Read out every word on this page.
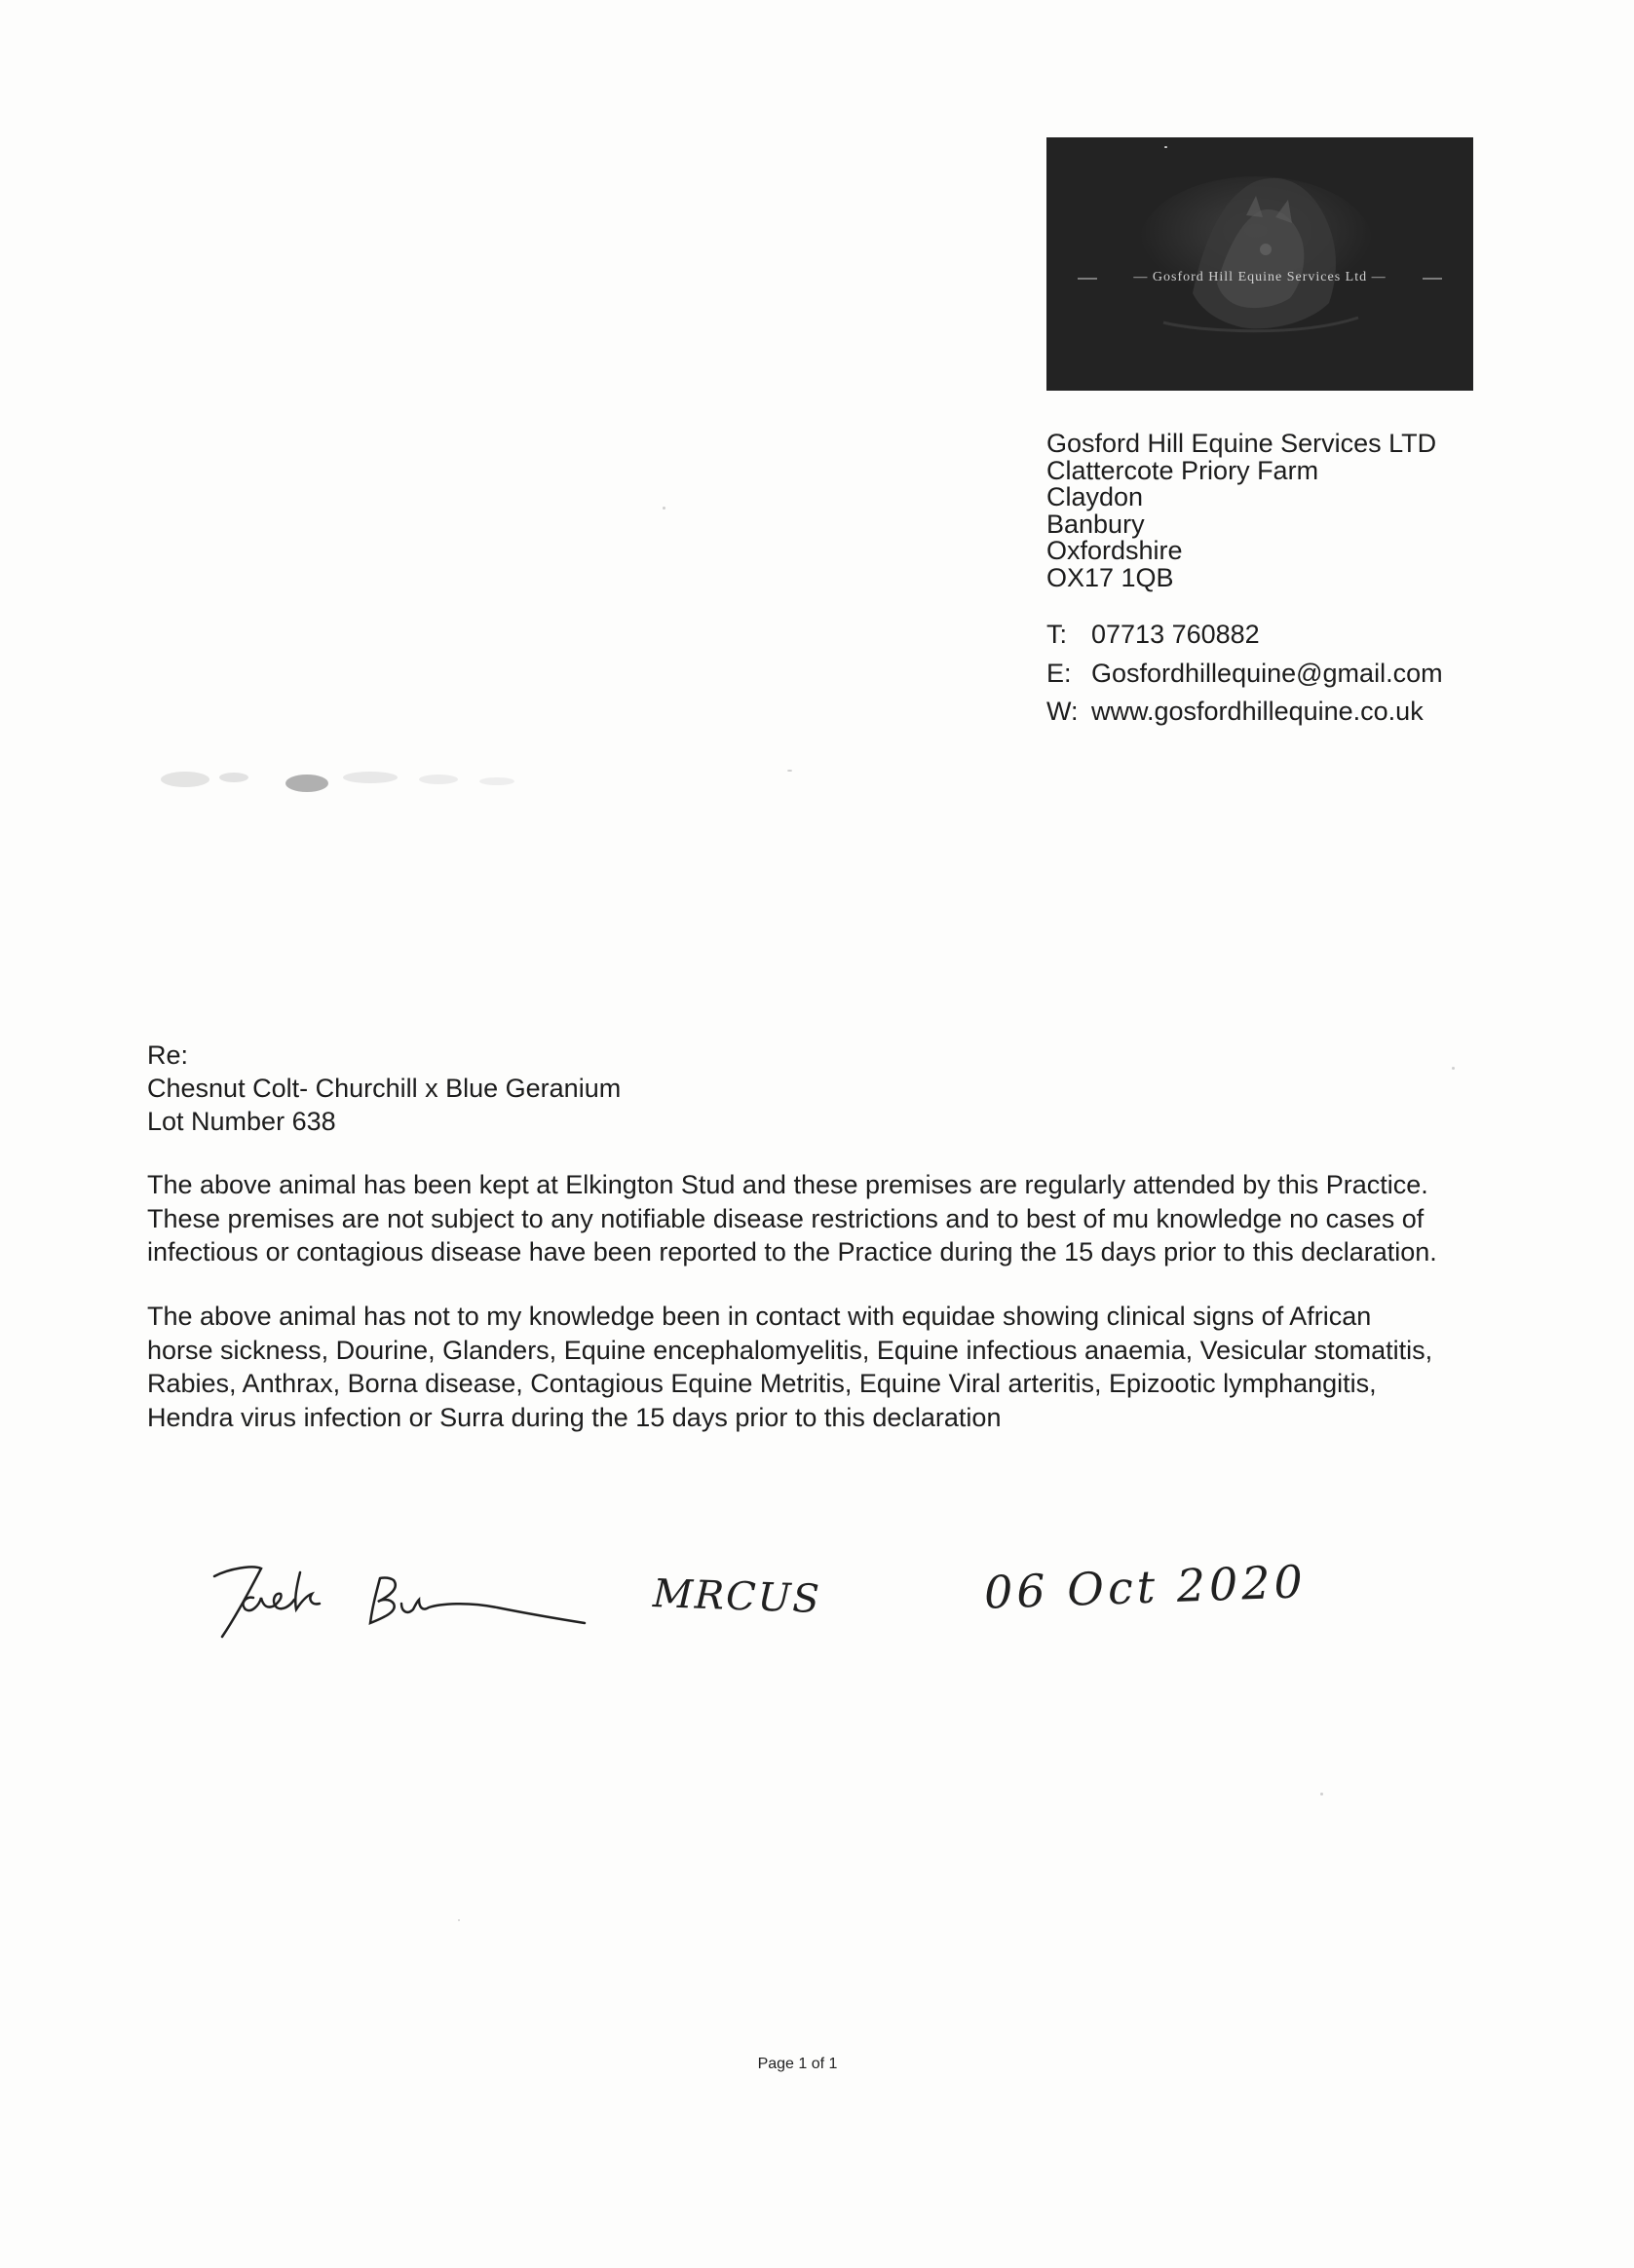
— Gosford Hill Equine Services Ltd —
Gosford Hill Equine Services LTD
Clattercote Priory Farm
Claydon
Banbury
Oxfordshire
OX17 1QB
T: 07713 760882
E: Gosfordhillequine@gmail.com
W: www.gosfordhillequine.co.uk
Re:
Chesnut Colt- Churchill x Blue Geranium
Lot Number 638
The above animal has been kept at Elkington Stud and these premises are regularly attended by this Practice.
These premises are not subject to any notifiable disease restrictions and to best of mu knowledge no cases of
infectious or contagious disease have been reported to the Practice during the 15 days prior to this declaration.
The above animal has not to my knowledge been in contact with equidae showing clinical signs of African
horse sickness, Dourine, Glanders, Equine encephalomyelitis, Equine infectious anaemia, Vesicular stomatitis,
Rabies, Anthrax, Borna disease, Contagious Equine Metritis, Equine Viral arteritis, Epizootic lymphangitis,
Hendra virus infection or Surra during the 15 days prior to this declaration
MRCUS	06 Oct 2020
Page 1 of 1
